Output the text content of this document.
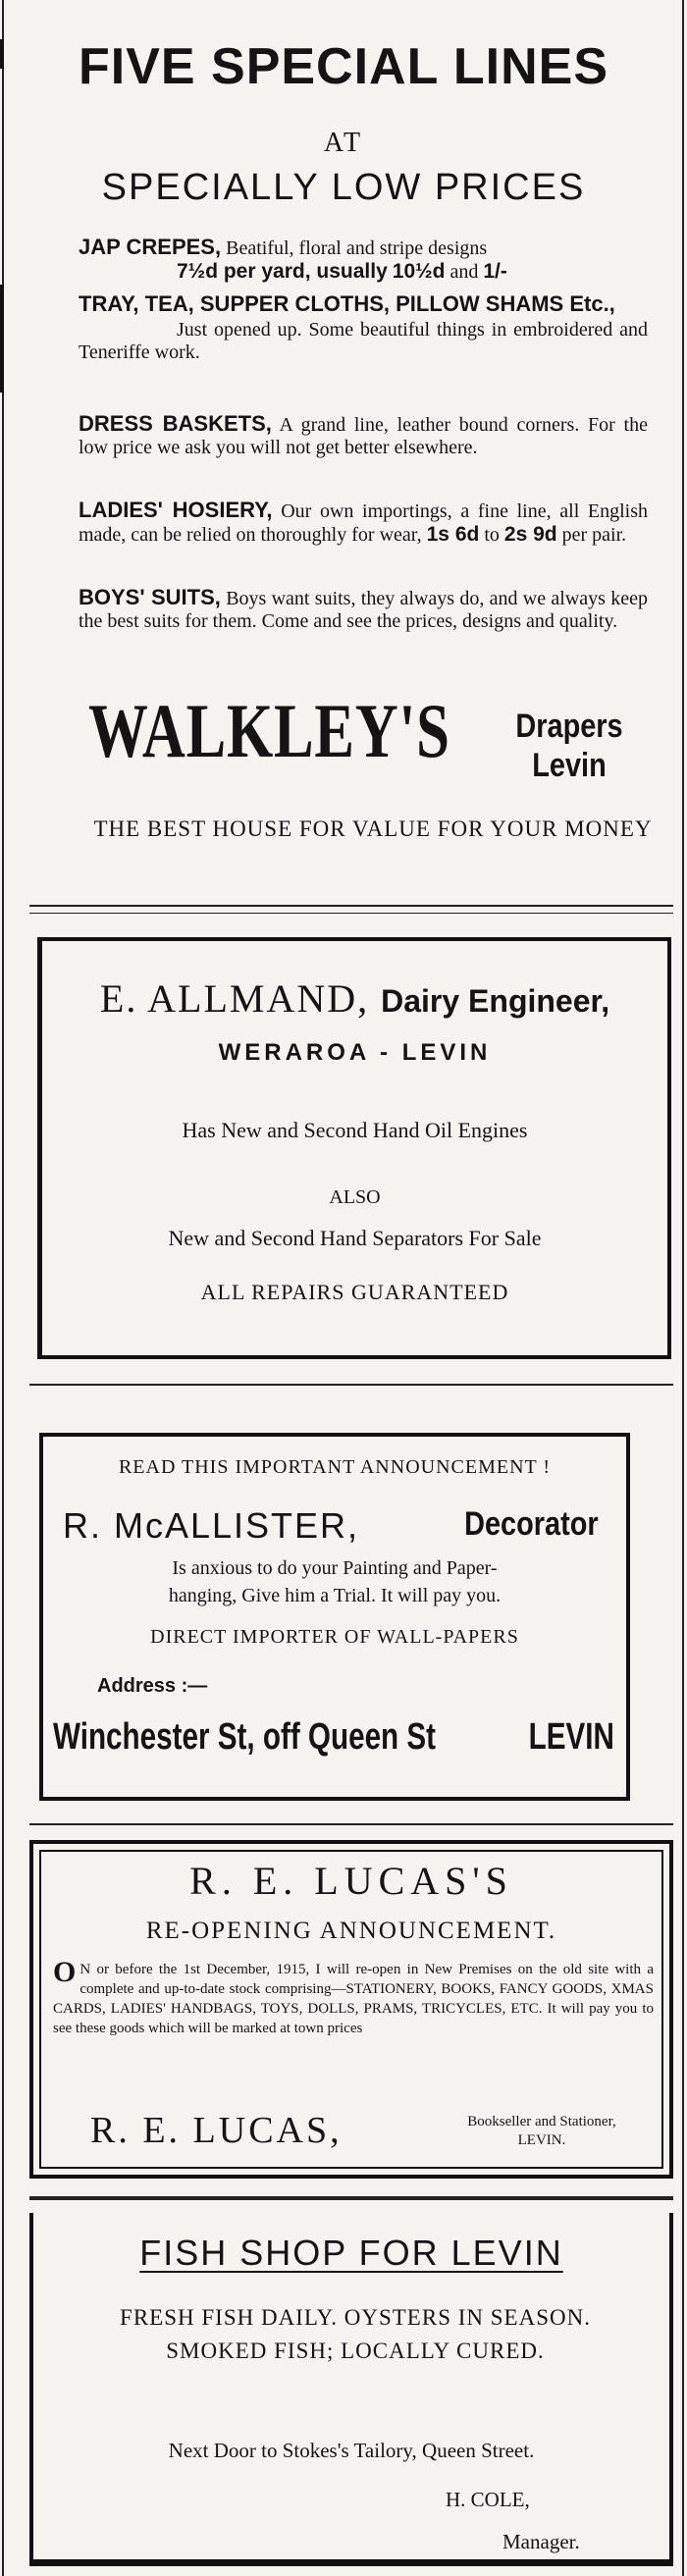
FIVE SPECIAL LINES
AT
SPECIALLY LOW PRICES
JAP CREPES, Beatiful, floral and stripe designs
7½d per yard, usually 10½d and 1/-
TRAY, TEA, SUPPER CLOTHS, PILLOW SHAMS Etc.,
Just opened up. Some beautiful things in embroidered and Teneriffe work.
DRESS BASKETS, A grand line, leather bound corners. For the low price we ask you will not get better elsewhere.
LADIES' HOSIERY, Our own importings, a fine line, all English made, can be relied on thoroughly for wear, 1s 6d to 2s 9d per pair.
BOYS' SUITS, Boys want suits, they always do, and we always keep the best suits for them. Come and see the prices, designs and quality.
WALKLEY'S	Drapers
Levin
THE BEST HOUSE FOR VALUE FOR YOUR MONEY
E. ALLMAND, Dairy Engineer,
WERAROA - LEVIN
Has New and Second Hand Oil Engines
ALSO
New and Second Hand Separators For Sale
ALL REPAIRS GUARANTEED
READ THIS IMPORTANT ANNOUNCEMENT !
R. McALLISTER,	Decorator
Is anxious to do your Painting and Paper-
hanging, Give him a Trial. It will pay you.
DIRECT IMPORTER OF WALL-PAPERS
Address :—
Winchester St, off Queen St LEVIN
R. E. LUCAS'S
RE-OPENING ANNOUNCEMENT.
O N or before the 1st December, 1915, I will re-open in New Premises on the old site with a complete and up-to-date stock comprising—STATIONERY, BOOKS, FANCY GOODS, XMAS CARDS, LADIES' HANDBAGS, TOYS, DOLLS, PRAMS, TRICYCLES, ETC. It will pay you to see these goods which will be marked at town prices
R. E. LUCAS,	Bookseller and Stationer,
LEVIN.
FISH SHOP FOR LEVIN
FRESH FISH DAILY. OYSTERS IN SEASON. SMOKED FISH; LOCALLY CURED.
Next Door to Stokes's Tailory, Queen Street.
H. COLE,
Manager.
